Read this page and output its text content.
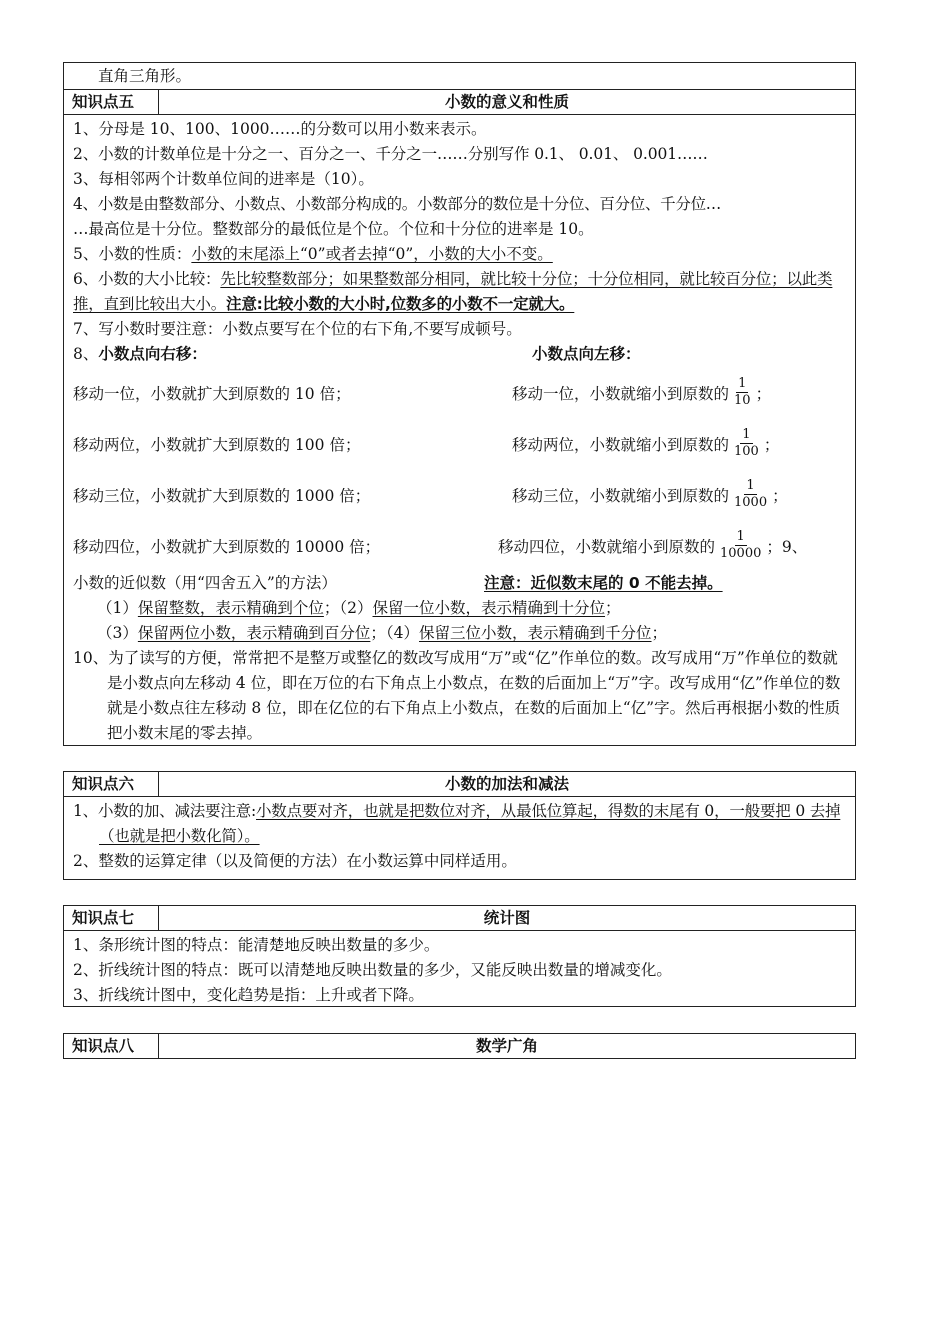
直角三角形。
知识点五	小数的意义和性质
1、分母是 10、100、1000……的分数可以用小数来表示。
2、小数的计数单位是十分之一、百分之一、千分之一……分别写作 0.1、 0.01、 0.001……
3、每相邻两个计数单位间的进率是（10）。
4、小数是由整数部分、小数点、小数部分构成的。小数部分的数位是十分位、百分位、千分位…
…最高位是十分位。整数部分的最低位是个位。个位和十分位的进率是 10。
5、小数的性质：小数的末尾添上“0”或者去掉“0”，小数的大小不变。
6、小数的大小比较：先比较整数部分；如果整数部分相同，就比较十分位；十分位相同，就比较百分位；以此类推，直到比较出大小。注意:比较小数的大小时,位数多的小数不一定就大。
7、写小数时要注意：小数点要写在个位的右下角,不要写成顿号。
8、小数点向右移：	小数点向左移：
移动一位，小数就扩大到原数的 10 倍；	移动一位，小数就缩小到原数的 $\frac{1}{10}$ ；
移动两位，小数就扩大到原数的 100 倍；	移动两位，小数就缩小到原数的 $\frac{1}{100}$ ；
移动三位，小数就扩大到原数的 1000 倍；	移动三位，小数就缩小到原数的 $\frac{1}{1000}$ ；
移动四位，小数就扩大到原数的 10000 倍；	移动四位，小数就缩小到原数的 $\frac{1}{10000}$ ；9、
小数的近似数（用“四舍五入”的方法）	注意：近似数末尾的 0 不能去掉。
（1）保留整数，表示精确到个位；（2）保留一位小数，表示精确到十分位；
（3）保留两位小数，表示精确到百分位；（4）保留三位小数，表示精确到千分位；
10、为了读写的方便，常常把不是整万或整亿的数改写成用“万”或“亿”作单位的数。改写成用“万”作单位的数就是小数点向左移动 4 位，即在万位的右下角点上小数点，在数的后面加上“万”字。改写成用“亿”作单位的数就是小数点往左移动 8 位，即在亿位的右下角点上小数点，在数的后面加上“亿”字。然后再根据小数的性质把小数末尾的零去掉。
知识点六	小数的加法和减法
1、小数的加、减法要注意:小数点要对齐，也就是把数位对齐，从最低位算起，得数的末尾有 0，一般要把 0 去掉（也就是把小数化简）。
2、整数的运算定律（以及简便的方法）在小数运算中同样适用。
知识点七	统计图
1、条形统计图的特点：能清楚地反映出数量的多少。
2、折线统计图的特点：既可以清楚地反映出数量的多少，又能反映出数量的增减变化。
3、折线统计图中，变化趋势是指：上升或者下降。
知识点八	数学广角
